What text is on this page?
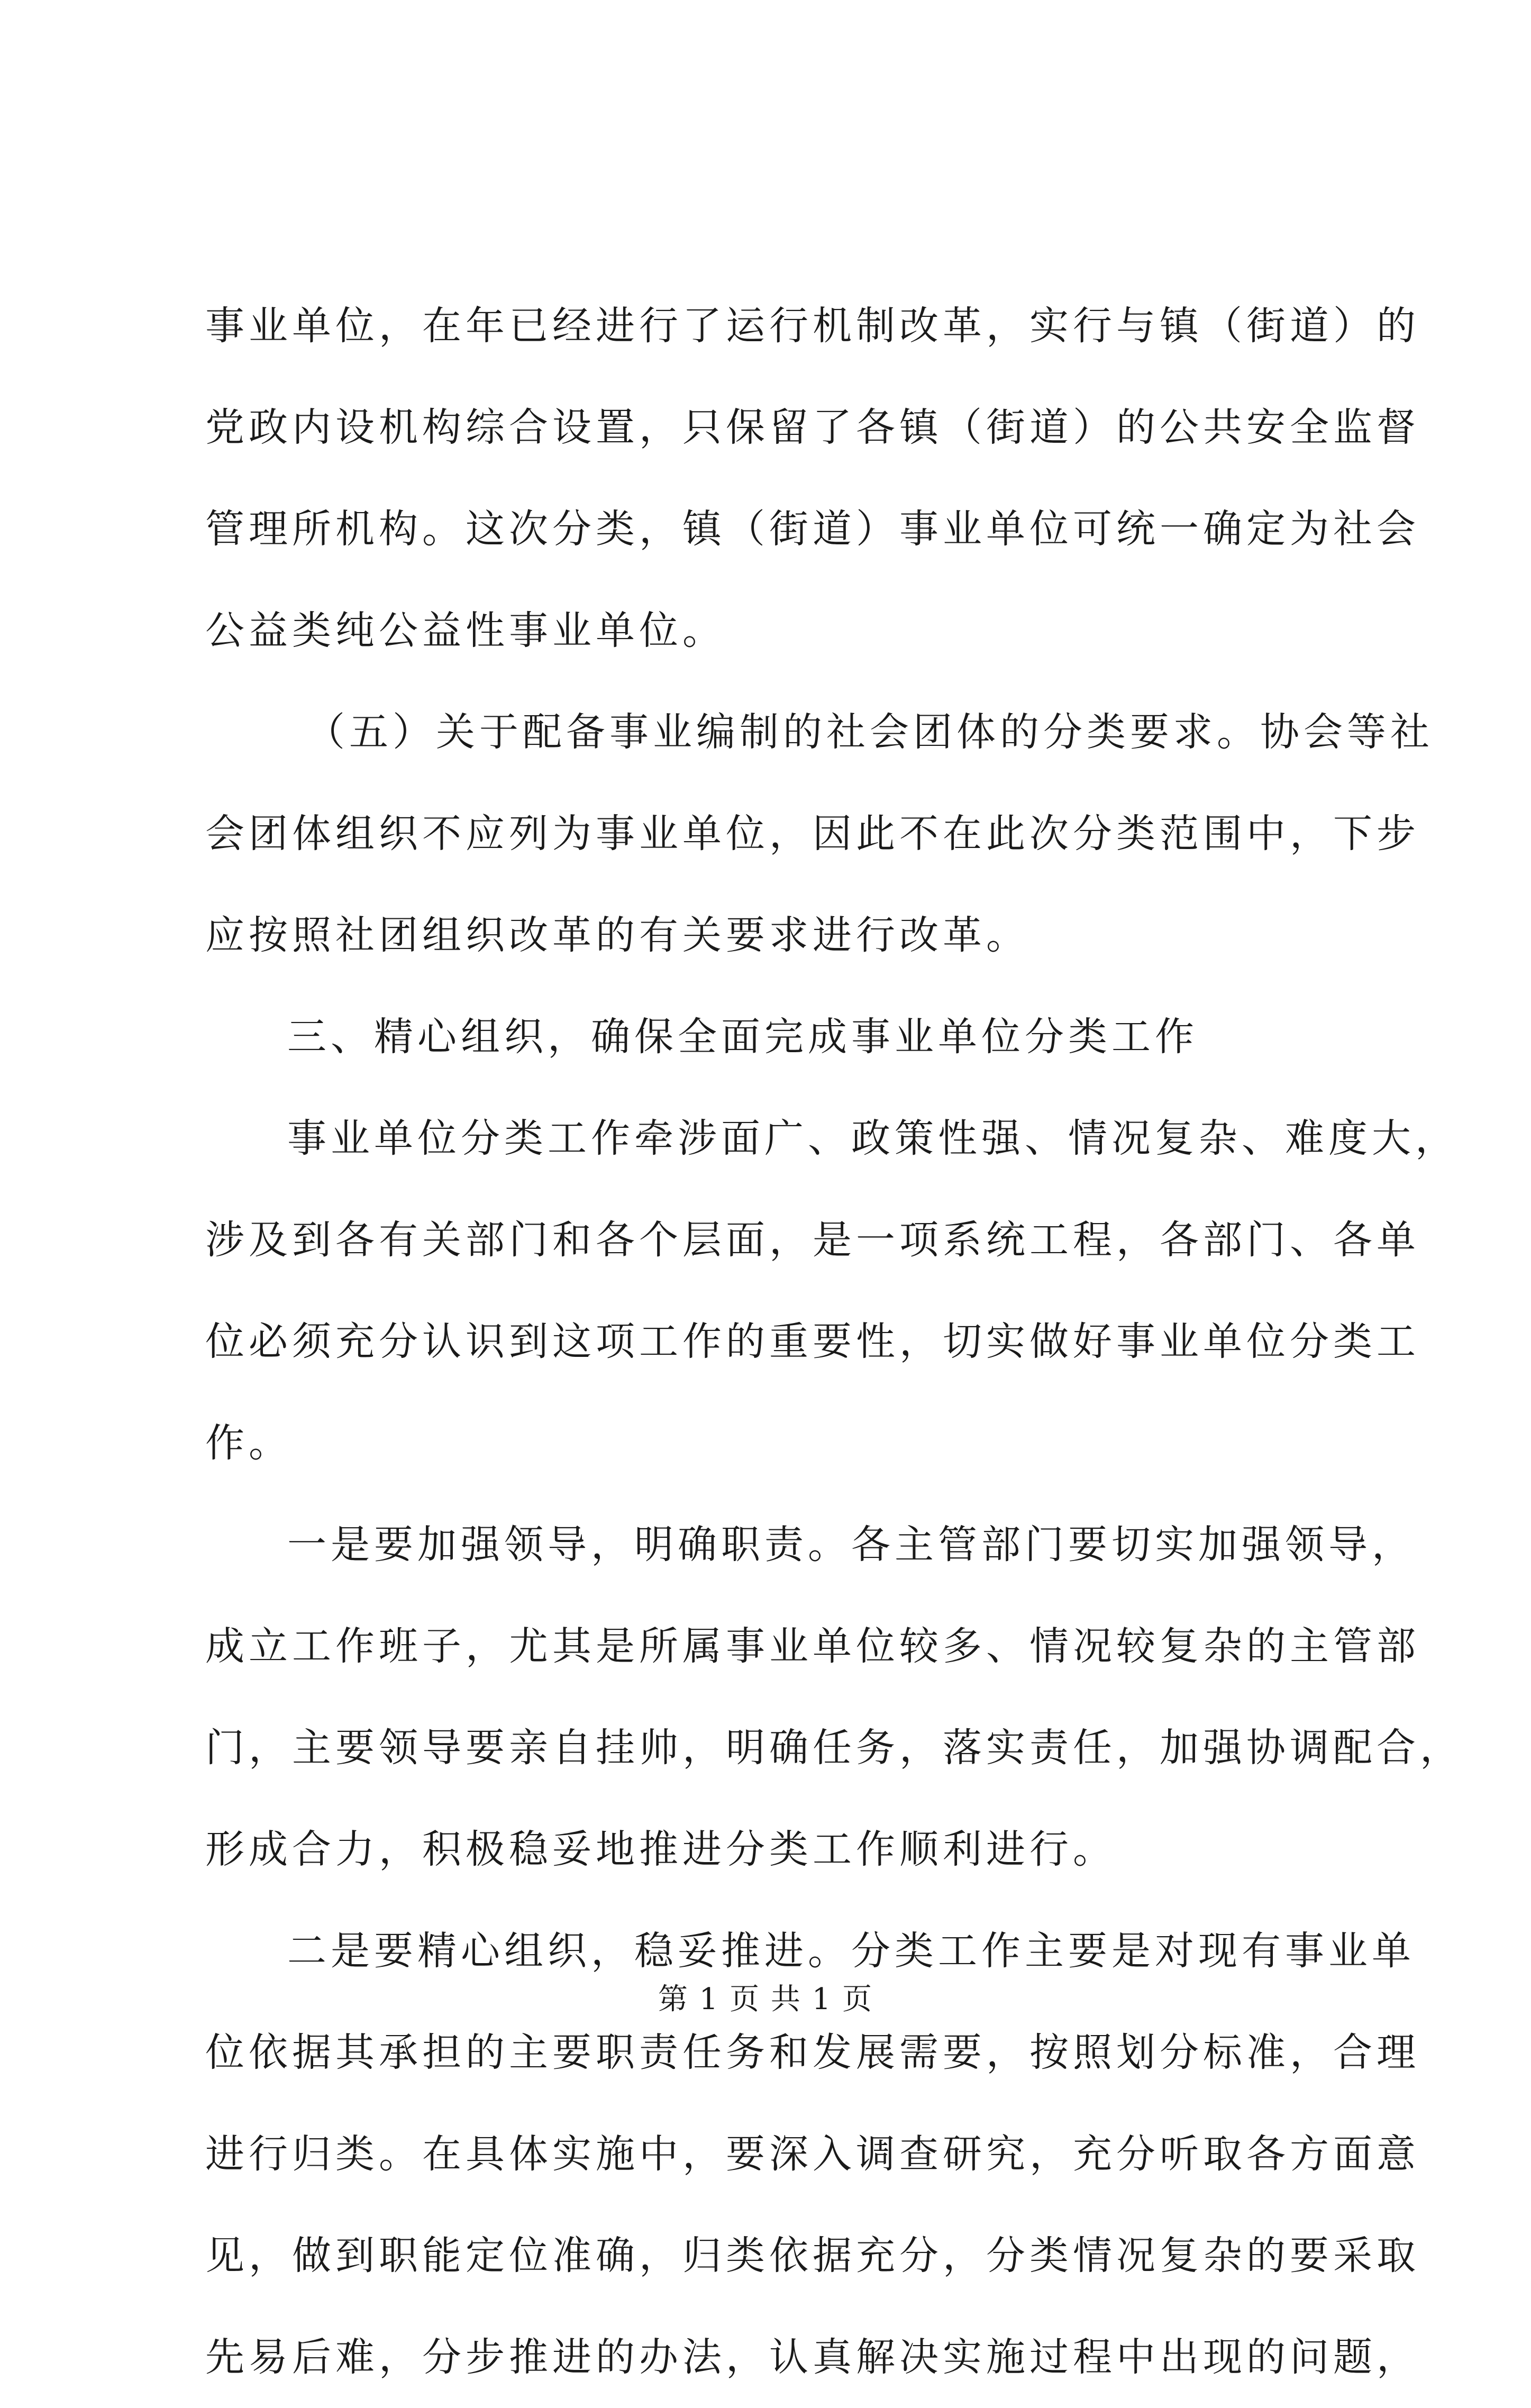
事业单位，在年已经进行了运行机制改革，实行与镇（街道）的
党政内设机构综合设置，只保留了各镇（街道）的公共安全监督
管理所机构。这次分类，镇（街道）事业单位可统一确定为社会
公益类纯公益性事业单位。
（五）关于配备事业编制的社会团体的分类要求。协会等社
会团体组织不应列为事业单位，因此不在此次分类范围中，下步
应按照社团组织改革的有关要求进行改革。
三、精心组织，确保全面完成事业单位分类工作
事业单位分类工作牵涉面广、政策性强、情况复杂、难度大，
涉及到各有关部门和各个层面，是一项系统工程，各部门、各单
位必须充分认识到这项工作的重要性，切实做好事业单位分类工
作。
一是要加强领导，明确职责。各主管部门要切实加强领导，
成立工作班子，尤其是所属事业单位较多、情况较复杂的主管部
门，主要领导要亲自挂帅，明确任务，落实责任，加强协调配合，
形成合力，积极稳妥地推进分类工作顺利进行。
二是要精心组织，稳妥推进。分类工作主要是对现有事业单
位依据其承担的主要职责任务和发展需要，按照划分标准，合理
进行归类。在具体实施中，要深入调查研究，充分听取各方面意
见，做到职能定位准确，归类依据充分，分类情况复杂的要采取
先易后难，分步推进的办法，认真解决实施过程中出现的问题，
第 1 页 共 1 页
